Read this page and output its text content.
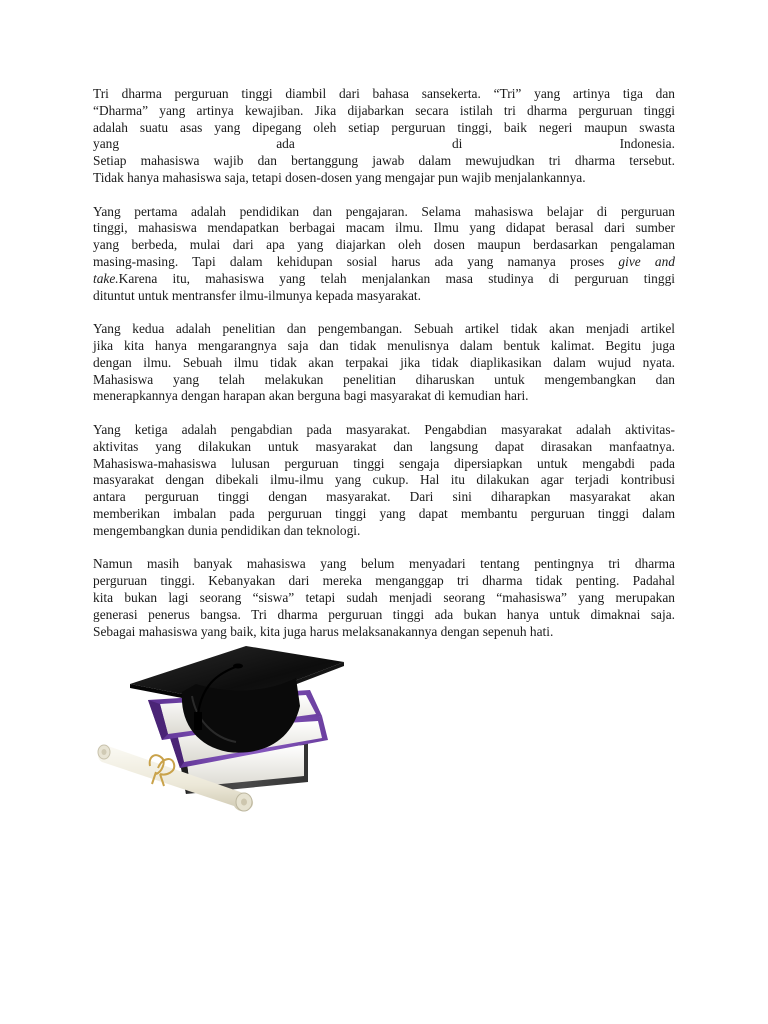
Tri dharma perguruan tinggi diambil dari bahasa sansekerta. “Tri” yang artinya tiga dan
“Dharma” yang artinya kewajiban. Jika dijabarkan secara istilah tri dharma perguruan tinggi
adalah suatu asas yang dipegang oleh setiap perguruan tinggi, baik negeri maupun swasta
yang	ada	di	Indonesia.
Setiap mahasiswa wajib dan bertanggung jawab dalam mewujudkan tri dharma tersebut.
Tidak hanya mahasiswa saja, tetapi dosen-dosen yang mengajar pun wajib menjalankannya.

Yang pertama adalah pendidikan dan pengajaran. Selama mahasiswa belajar di perguruan
tinggi, mahasiswa mendapatkan berbagai macam ilmu. Ilmu yang didapat berasal dari sumber
yang berbeda, mulai dari apa yang diajarkan oleh dosen maupun berdasarkan pengalaman
masing-masing. Tapi dalam kehidupan sosial harus ada yang namanya proses give and
take.Karena itu, mahasiswa yang telah menjalankan masa studinya di perguruan tinggi
dituntut untuk mentransfer ilmu-ilmunya kepada masyarakat.

Yang kedua adalah penelitian dan pengembangan. Sebuah artikel tidak akan menjadi artikel
jika kita hanya mengarangnya saja dan tidak menulisnya dalam bentuk kalimat. Begitu juga
dengan ilmu. Sebuah ilmu tidak akan terpakai jika tidak diaplikasikan dalam wujud nyata.
Mahasiswa yang telah melakukan penelitian diharuskan untuk mengembangkan dan
menerapkannya dengan harapan akan berguna bagi masyarakat di kemudian hari.

Yang ketiga adalah pengabdian pada masyarakat. Pengabdian masyarakat adalah aktivitas-
aktivitas yang dilakukan untuk masyarakat dan langsung dapat dirasakan manfaatnya.
Mahasiswa-mahasiswa lulusan perguruan tinggi sengaja dipersiapkan untuk mengabdi pada
masyarakat dengan dibekali ilmu-ilmu yang cukup. Hal itu dilakukan agar terjadi kontribusi
antara perguruan tinggi dengan masyarakat. Dari sini diharapkan masyarakat akan
memberikan imbalan pada perguruan tinggi yang dapat membantu perguruan tinggi dalam
mengembangkan dunia pendidikan dan teknologi.

Namun masih banyak mahasiswa yang belum menyadari tentang pentingnya tri dharma
perguruan tinggi. Kebanyakan dari mereka menganggap tri dharma tidak penting. Padahal
kita bukan lagi seorang “siswa” tetapi sudah menjadi seorang “mahasiswa” yang merupakan
generasi penerus bangsa. Tri dharma perguruan tinggi ada bukan hanya untuk dimaknai saja.
Sebagai mahasiswa yang baik, kita juga harus melaksanakannya dengan sepenuh hati.
